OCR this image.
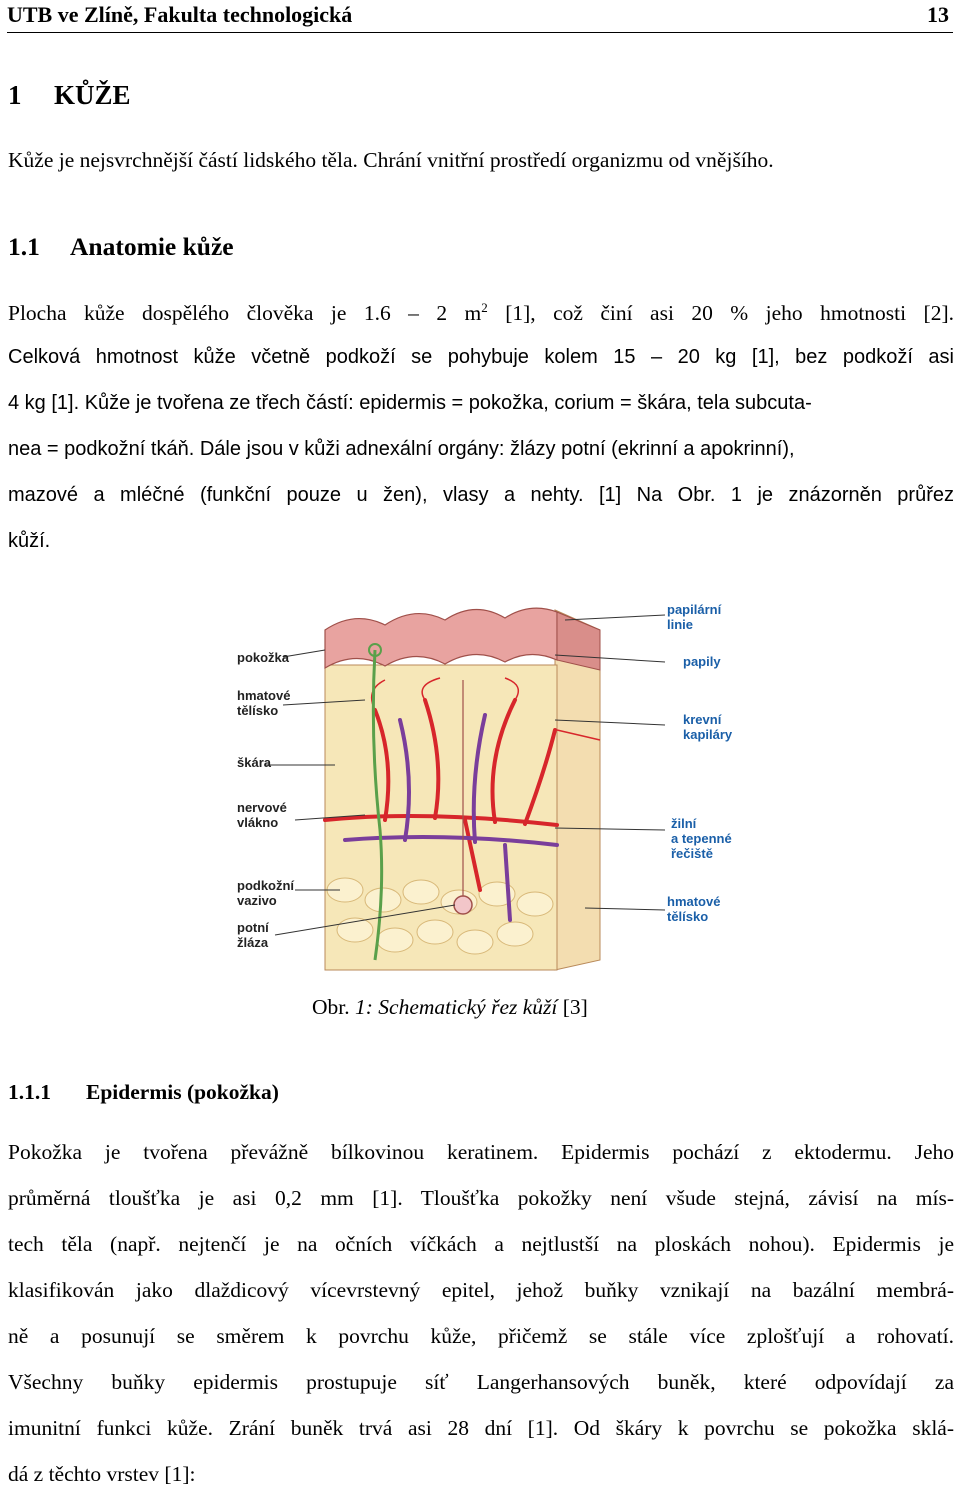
UTB ve Zlíně, Fakulta technologická	13
1 KŮŽE
Kůže je nejsvrchnější částí lidského těla. Chrání vnitřní prostředí organizmu od vnějšího.
1.1 Anatomie kůže
Plocha kůže dospělého člověka je 1.6 – 2 $m^2$ [1], což činí asi 20 % jeho hmotnosti [2].
Celková hmotnost kůže včetně podkoží se pohybuje kolem 15 – 20 kg [1], bez podkoží asi
4 kg [1]. Kůže je tvořena ze třech částí: epidermis = pokožka, corium = škára, tela subcuta-
nea = podkožní tkáň. Dále jsou v kůži adnexální orgány: žlázy potní (ekrinní a apokrinní),
mazové a mléčné (funkční pouze u žen), vlasy a nehty. [1] Na Obr. 1 je znázorněn průřez
kůží.
pokožka
hmatové
tělísko
škára
nervové
vlákno
podkožní
vazivo
potní
žláza
papilární
linie
papily
krevní
kapiláry
žilní
a tepenné
řečiště
hmatové
tělísko
Obr. 1: Schematický řez kůží [3]
1.1.1 Epidermis (pokožka)
Pokožka je tvořena převážně bílkovinou keratinem. Epidermis pochází z ektodermu. Jeho
průměrná tloušťka je asi 0,2 mm [1]. Tloušťka pokožky není všude stejná, závisí na mís-
tech těla (např. nejtenčí je na očních víčkách a nejtlustší na ploskách nohou). Epidermis je
klasifikován jako dlaždicový vícevrstevný epitel, jehož buňky vznikají na bazální membrá-
ně a posunují se směrem k povrchu kůže, přičemž se stále více zplošťují a rohovatí.
Všechny buňky epidermis prostupuje síť Langerhansových buněk, které odpovídají za
imunitní funkci kůže. Zrání buněk trvá asi 28 dní [1]. Od škáry k povrchu se pokožka sklá-
dá z těchto vrstev [1]:
